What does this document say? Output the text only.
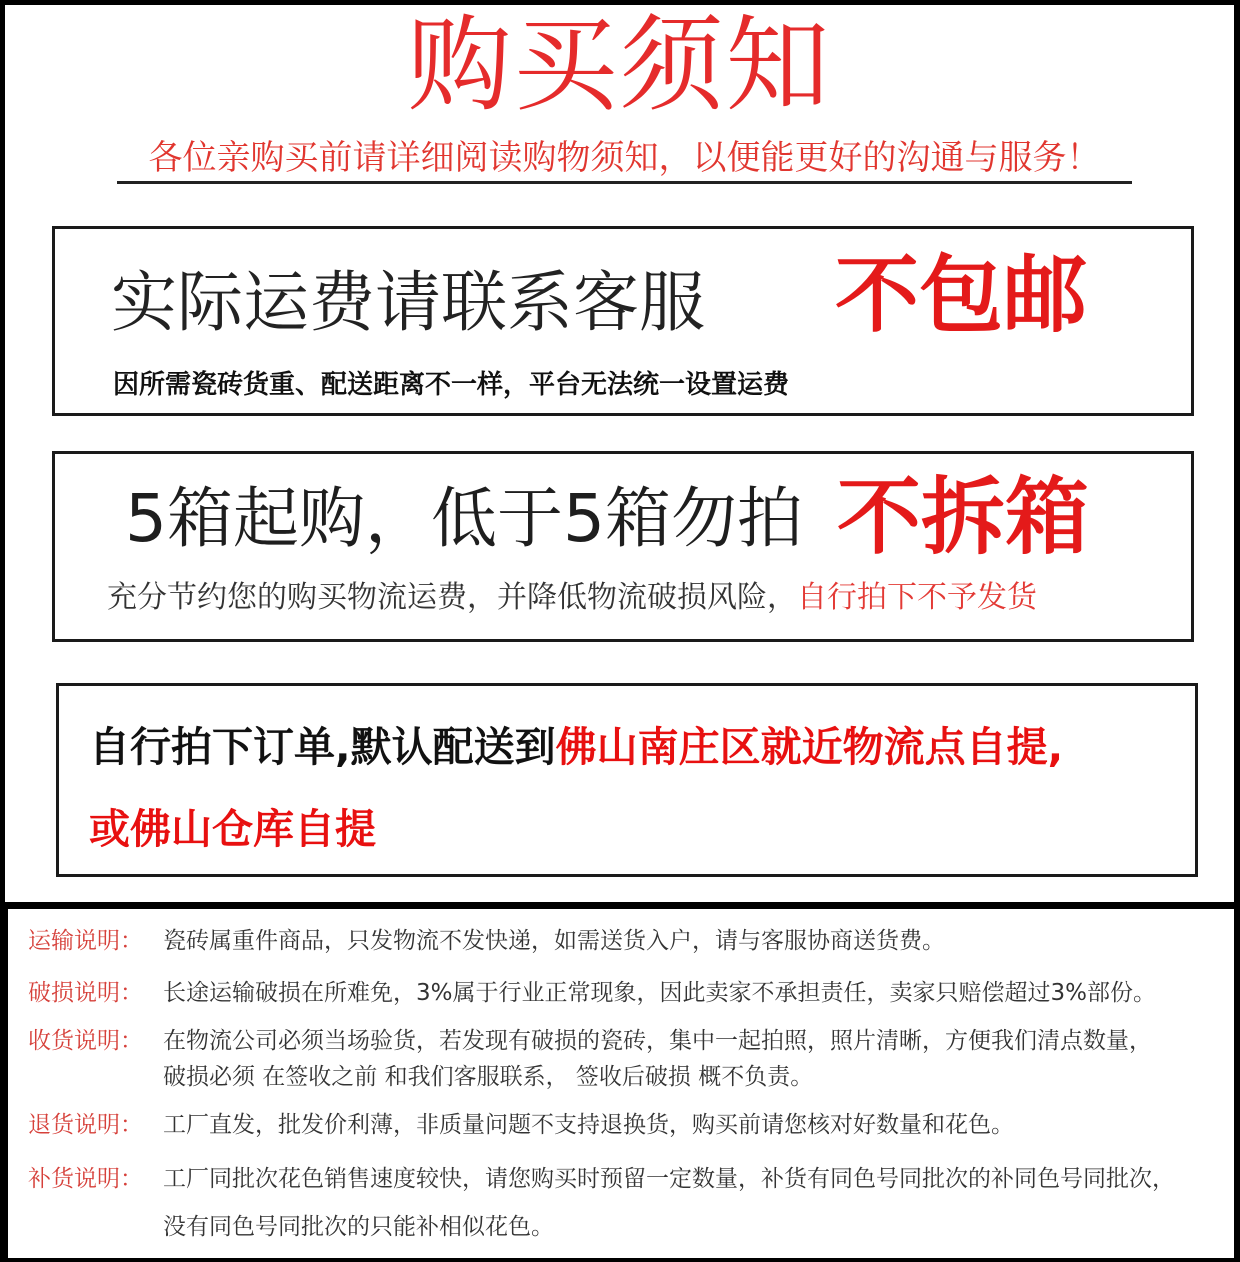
购买须知
各位亲购买前请详细阅读购物须知，以便能更好的沟通与服务！
实际运费请联系客服 不包邮
因所需瓷砖货重、配送距离不一样，平台无法统一设置运费
5箱起购，低于5箱勿拍 不拆箱
充分节约您的购买物流运费，并降低物流破损风险，自行拍下不予发货
自行拍下订单,默认配送到佛山南庄区就近物流点自提,
或佛山仓库自提
运输说明： 瓷砖属重件商品，只发物流不发快递，如需送货入户，请与客服协商送货费。
破损说明： 长途运输破损在所难免，3%属于行业正常现象，因此卖家不承担责任，卖家只赔偿超过3%部份。
收货说明： 在物流公司必须当场验货，若发现有破损的瓷砖，集中一起拍照，照片清晰，方便我们清点数量，
破损必须 在签收之前 和我们客服联系， 签收后破损 概不负责。
退货说明： 工厂直发，批发价利薄，非质量问题不支持退换货，购买前请您核对好数量和花色。
补货说明： 工厂同批次花色销售速度较快，请您购买时预留一定数量，补货有同色号同批次的补同色号同批次，
没有同色号同批次的只能补相似花色。
